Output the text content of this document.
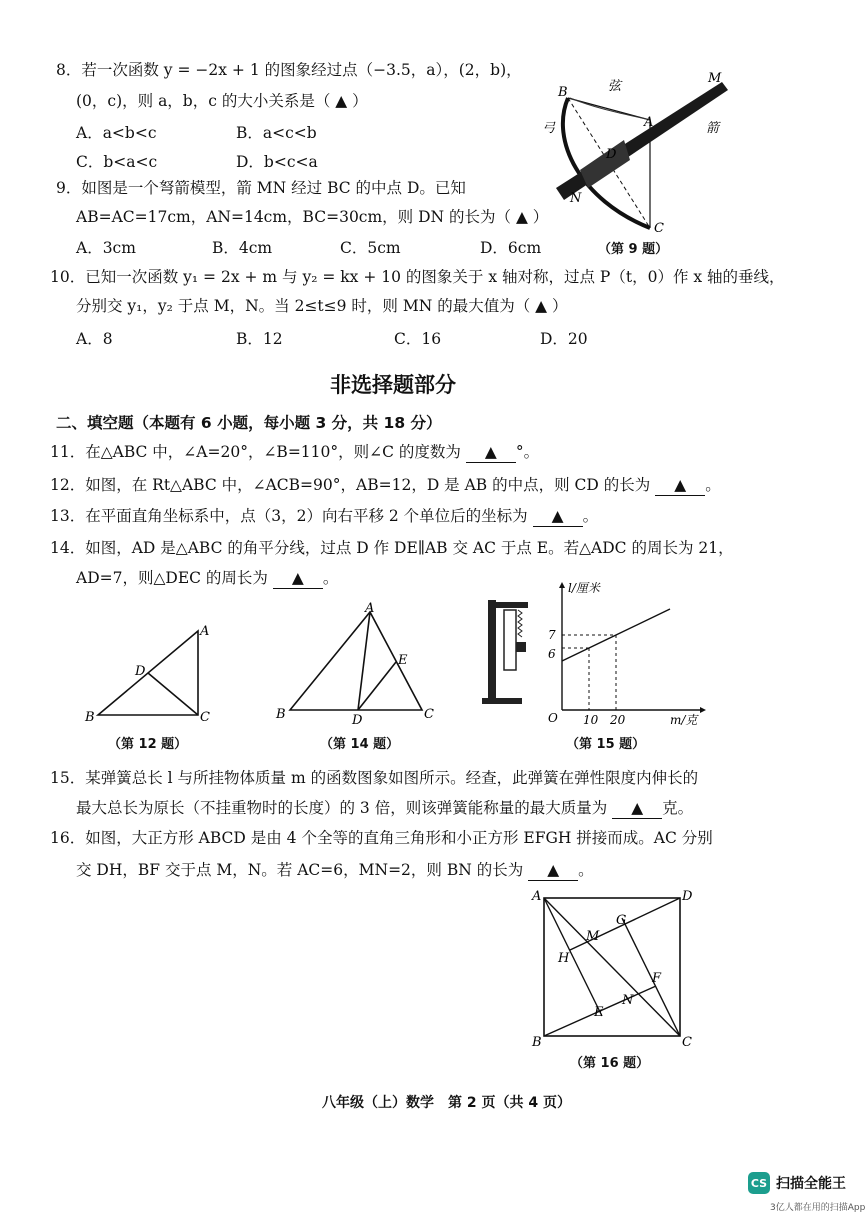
8．若一次函数 y = −2x + 1 的图象经过点（−3.5，a），(2，b)，
(0，c)，则 a，b，c 的大小关系是（ ▲ ）
A．a<b<c	B．a<c<b
C．b<a<c	D．b<c<a
9．如图是一个弩箭模型，箭 MN 经过 BC 的中点 D。已知
AB=AC=17cm，AN=14cm，BC=30cm，则 DN 的长为（ ▲ ）
A．3cm	B．4cm	C．5cm	D．6cm
B	弦
M
A
弓	箭
D
N
C
（第 9 题）
10．已知一次函数 y₁ = 2x + m 与 y₂ = kx + 10 的图象关于 x 轴对称，过点 P（t，0）作 x 轴的垂线，
分别交 y₁，y₂ 于点 M，N。当 2≤t≤9 时，则 MN 的最大值为（ ▲ ）
A．8	B．12	C．16	D．20
非选择题部分
二、填空题（本题有 6 小题，每小题 3 分，共 18 分）
11．在△ABC 中，∠A=20°，∠B=110°，则∠C 的度数为 ▲ °。
12．如图，在 Rt△ABC 中，∠ACB=90°，AB=12，D 是 AB 的中点，则 CD 的长为 ▲ 。
13．在平面直角坐标系中，点（3，2）向右平移 2 个单位后的坐标为 ▲ 。
14．如图，AD 是△ABC 的角平分线，过点 D 作 DE∥AB 交 AC 于点 E。若△ADC 的周长为 21，
AD=7，则△DEC 的周长为 ▲ 。
A
B	C
D
（第 12 题）
A
B	C
D
E
（第 14 题）
l/厘米
m/克
O
7
6
10 20
（第 15 题）
15．某弹簧总长 l 与所挂物体质量 m 的函数图象如图所示。经查，此弹簧在弹性限度内伸长的
最大总长为原长（不挂重物时的长度）的 3 倍，则该弹簧能称量的最大质量为 ▲ 克。
16．如图，大正方形 ABCD 是由 4 个全等的直角三角形和小正方形 EFGH 拼接而成。AC 分别
交 DH，BF 交于点 M，N。若 AC=6，MN=2，则 BN 的长为 ▲ 。
A
B	C
D
E
F
G
H
M
N
（第 16 题）
八年级（上）数学　第 2 页（共 4 页）
CS 扫描全能王
3亿人都在用的扫描App
